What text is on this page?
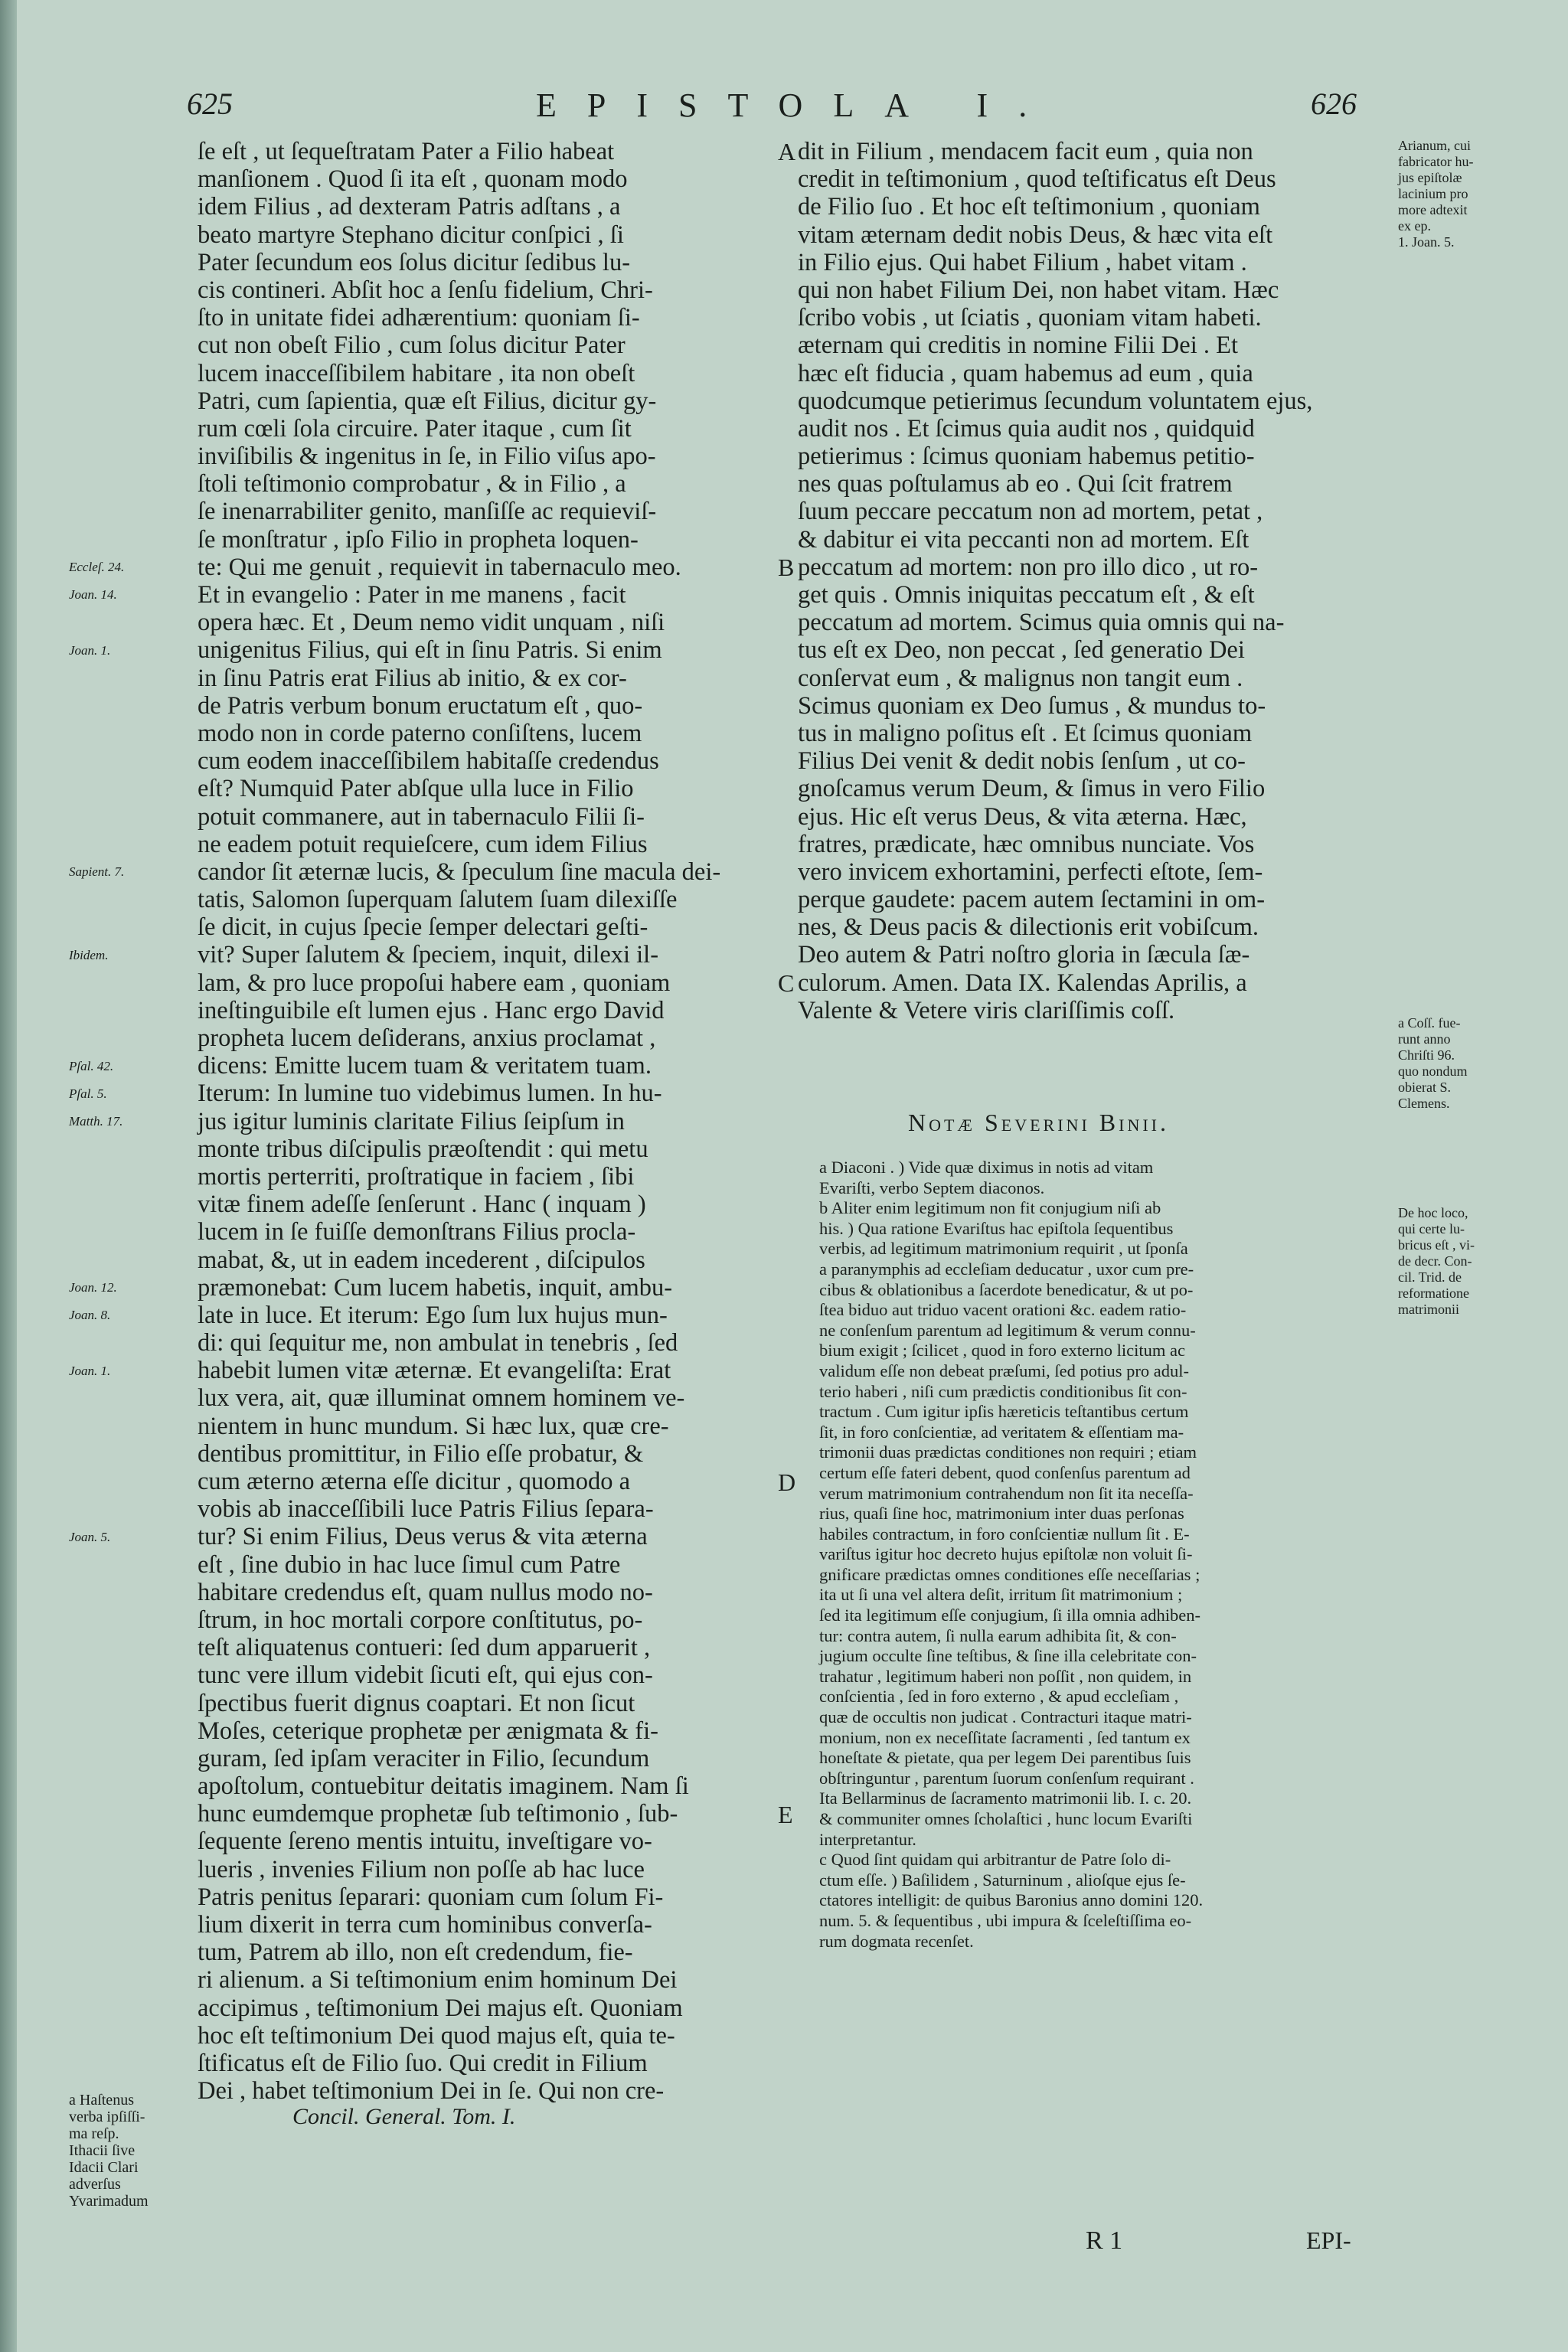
625	EPISTOLA I.	626
ſe eſt , ut ſequeſtratam Pater a Filio habeat
manſionem . Quod ſi ita eſt , quonam modo
idem Filius , ad dexteram Patris adſtans , a
beato martyre Stephano dicitur conſpici , ſi
Pater ſecundum eos ſolus dicitur ſedibus lu-
cis contineri. Abſit hoc a ſenſu fidelium, Chri-
ſto in unitate fidei adhærentium: quoniam ſi-
cut non obeſt Filio , cum ſolus dicitur Pater
lucem inacceſſibilem habitare , ita non obeſt
Patri, cum ſapientia, quæ eſt Filius, dicitur gy-
rum cœli ſola circuire. Pater itaque , cum ſit
inviſibilis & ingenitus in ſe, in Filio viſus apo-
ſtoli teſtimonio comprobatur , & in Filio , a
ſe inenarrabiliter genito, manſiſſe ac requieviſ-
ſe monſtratur , ipſo Filio in propheta loquen-
te: Qui me genuit , requievit in tabernaculo meo.
Et in evangelio : Pater in me manens , facit
opera hæc. Et , Deum nemo vidit unquam , niſi
unigenitus Filius, qui eſt in ſinu Patris. Si enim
in ſinu Patris erat Filius ab initio, & ex cor-
de Patris verbum bonum eructatum eſt , quo-
modo non in corde paterno conſiſtens, lucem
cum eodem inacceſſibilem habitaſſe credendus
eſt? Numquid Pater abſque ulla luce in Filio
potuit commanere, aut in tabernaculo Filii ſi-
ne eadem potuit requieſcere, cum idem Filius
candor ſit æternæ lucis, & ſpeculum ſine macula dei-
tatis, Salomon ſuperquam ſalutem ſuam dilexiſſe
ſe dicit, in cujus ſpecie ſemper delectari geſti-
vit? Super ſalutem & ſpeciem, inquit, dilexi il-
lam, & pro luce propoſui habere eam , quoniam
ineſtinguibile eſt lumen ejus . Hanc ergo David
propheta lucem deſiderans, anxius proclamat ,
dicens: Emitte lucem tuam & veritatem tuam.
Iterum: In lumine tuo videbimus lumen. In hu-
jus igitur luminis claritate Filius ſeipſum in
monte tribus diſcipulis præoſtendit : qui metu
mortis perterriti, proſtratique in faciem , ſibi
vitæ finem adeſſe ſenſerunt . Hanc ( inquam )
lucem in ſe fuiſſe demonſtrans Filius procla-
mabat, &, ut in eadem incederent , diſcipulos
præmonebat: Cum lucem habetis, inquit, ambu-
late in luce. Et iterum: Ego ſum lux hujus mun-
di: qui ſequitur me, non ambulat in tenebris , ſed
habebit lumen vitæ æternæ. Et evangeliſta: Erat
lux vera, ait, quæ illuminat omnem hominem ve-
nientem in hunc mundum. Si hæc lux, quæ cre-
dentibus promittitur, in Filio eſſe probatur, &
cum æterno æterna eſſe dicitur , quomodo a
vobis ab inacceſſibili luce Patris Filius ſepara-
tur? Si enim Filius, Deus verus & vita æterna
eſt , ſine dubio in hac luce ſimul cum Patre
habitare credendus eſt, quam nullus modo no-
ſtrum, in hoc mortali corpore conſtitutus, po-
teſt aliquatenus contueri: ſed dum apparuerit ,
tunc vere illum videbit ſicuti eſt, qui ejus con-
ſpectibus fuerit dignus coaptari. Et non ſicut
Moſes, ceterique prophetæ per ænigmata & fi-
guram, ſed ipſam veraciter in Filio, ſecundum
apoſtolum, contuebitur deitatis imaginem. Nam ſi
hunc eumdemque prophetæ ſub teſtimonio , ſub-
ſequente ſereno mentis intuitu, inveſtigare vo-
lueris , invenies Filium non poſſe ab hac luce
Patris penitus ſeparari: quoniam cum ſolum Fi-
lium dixerit in terra cum hominibus converſa-
tum, Patrem ab illo, non eſt credendum, fie-
ri alienum. a Si teſtimonium enim hominum Dei
accipimus , teſtimonium Dei majus eſt. Quoniam
hoc eſt teſtimonium Dei quod majus eſt, quia te-
ſtificatus eſt de Filio ſuo. Qui credit in Filium
Dei , habet teſtimonium Dei in ſe. Qui non cre-
dit in Filium , mendacem facit eum , quia non
credit in teſtimonium , quod teſtificatus eſt Deus
de Filio ſuo . Et hoc eſt teſtimonium , quoniam
vitam æternam dedit nobis Deus, & hæc vita eſt
in Filio ejus. Qui habet Filium , habet vitam .
qui non habet Filium Dei, non habet vitam. Hæc
ſcribo vobis , ut ſciatis , quoniam vitam habeti.
æternam qui creditis in nomine Filii Dei . Et
hæc eſt fiducia , quam habemus ad eum , quia
quodcumque petierimus ſecundum voluntatem ejus,
audit nos . Et ſcimus quia audit nos , quidquid
petierimus : ſcimus quoniam habemus petitio-
nes quas poſtulamus ab eo . Qui ſcit fratrem
ſuum peccare peccatum non ad mortem, petat ,
& dabitur ei vita peccanti non ad mortem. Eſt
peccatum ad mortem: non pro illo dico , ut ro-
get quis . Omnis iniquitas peccatum eſt , & eſt
peccatum ad mortem. Scimus quia omnis qui na-
tus eſt ex Deo, non peccat , ſed generatio Dei
conſervat eum , & malignus non tangit eum .
Scimus quoniam ex Deo ſumus , & mundus to-
tus in maligno poſitus eſt . Et ſcimus quoniam
Filius Dei venit & dedit nobis ſenſum , ut co-
gnoſcamus verum Deum, & ſimus in vero Filio
ejus. Hic eſt verus Deus, & vita æterna. Hæc,
fratres, prædicate, hæc omnibus nunciate. Vos
vero invicem exhortamini, perfecti eſtote, ſem-
perque gaudete: pacem autem ſectamini in om-
nes, & Deus pacis & dilectionis erit vobiſcum.
Deo autem & Patri noſtro gloria in ſæcula ſæ-
culorum. Amen. Data IX. Kalendas Aprilis, a
Valente & Vetere viris clariſſimis coſſ.
Eccleſ. 24.
Joan. 14.
Joan. 1.
Sapient. 7.
Ibidem.
Pſal. 42.
Pſal. 5.
Matth. 17.
Joan. 12.
Joan. 8.
Joan. 1.
Joan. 5.
A
B
C
D
E
Arianum, cui
fabricator hu-
jus epiſtolæ
lacinium pro
more adtexit
ex ep.
1. Joan. 5.
a Coſſ. fue-
runt anno
Chriſti 96.
quo nondum
obierat S.
Clemens.
De hoc loco,
qui certe lu-
bricus eſt , vi-
de decr. Con-
cil. Trid. de
reformatione
matrimonii
Notæ Severini Binii.
a Diaconi . ) Vide quæ diximus in notis ad vitam
Evariſti, verbo Septem diaconos.
b Aliter enim legitimum non fit conjugium niſi ab
his. ) Qua ratione Evariſtus hac epiſtola ſequentibus
verbis, ad legitimum matrimonium requirit , ut ſponſa
a paranymphis ad eccleſiam deducatur , uxor cum pre-
cibus & oblationibus a ſacerdote benedicatur, & ut po-
ſtea biduo aut triduo vacent orationi &c. eadem ratio-
ne conſenſum parentum ad legitimum & verum connu-
bium exigit ; ſcilicet , quod in foro externo licitum ac
validum eſſe non debeat præſumi, ſed potius pro adul-
terio haberi , niſi cum prædictis conditionibus ſit con-
tractum . Cum igitur ipſis hæreticis teſtantibus certum
ſit, in foro conſcientiæ, ad veritatem & eſſentiam ma-
trimonii duas prædictas conditiones non requiri ; etiam
certum eſſe fateri debent, quod conſenſus parentum ad
verum matrimonium contrahendum non ſit ita neceſſa-
rius, quaſi ſine hoc, matrimonium inter duas perſonas
habiles contractum, in foro conſcientiæ nullum ſit . E-
variſtus igitur hoc decreto hujus epiſtolæ non voluit ſi-
gnificare prædictas omnes conditiones eſſe neceſſarias ;
ita ut ſi una vel altera deſit, irritum ſit matrimonium ;
ſed ita legitimum eſſe conjugium, ſi illa omnia adhiben-
tur: contra autem, ſi nulla earum adhibita ſit, & con-
jugium occulte ſine teſtibus, & ſine illa celebritate con-
trahatur , legitimum haberi non poſſit , non quidem, in
conſcientia , ſed in foro externo , & apud eccleſiam ,
quæ de occultis non judicat . Contracturi itaque matri-
monium, non ex neceſſitate ſacramenti , ſed tantum ex
honeſtate & pietate, qua per legem Dei parentibus ſuis
obſtringuntur , parentum ſuorum conſenſum requirant .
Ita Bellarminus de ſacramento matrimonii lib. I. c. 20.
& communiter omnes ſcholaſtici , hunc locum Evariſti
interpretantur.
c Quod ſint quidam qui arbitrantur de Patre ſolo di-
ctum eſſe. ) Baſilidem , Saturninum , alioſque ejus ſe-
ctatores intelligit: de quibus Baronius anno domini 120.
num. 5. & ſequentibus , ubi impura & ſceleſtiſſima eo-
rum dogmata recenſet.
a Haſtenus
verba ipſiſſi-
ma reſp.
Ithacii ſive
Idacii Clari
adverſus
Yvarimadum
Concil. General. Tom. I.
R 1	EPI-
